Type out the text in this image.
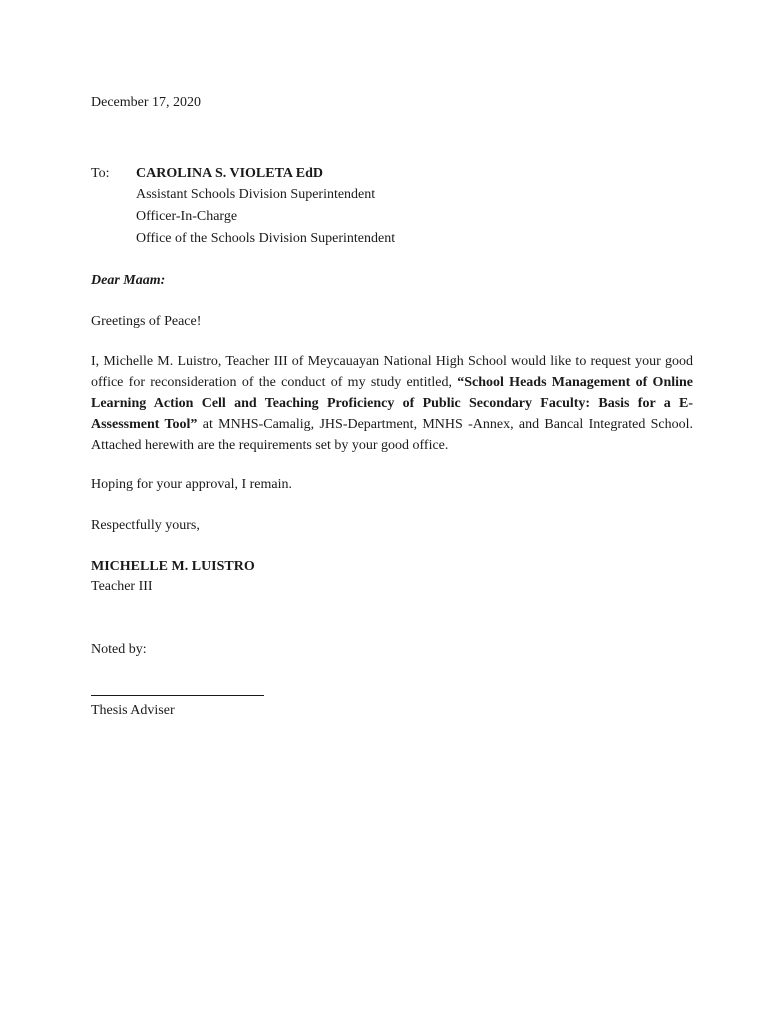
December 17, 2020
To: CAROLINA S. VIOLETA EdD
Assistant Schools Division Superintendent
Officer-In-Charge
Office of the Schools Division Superintendent
Dear Maam:
Greetings of Peace!
I, Michelle M. Luistro, Teacher III of Meycauayan National High School would like to request your good office for reconsideration of the conduct of my study entitled, “School Heads Management of Online Learning Action Cell and Teaching Proficiency of Public Secondary Faculty: Basis for a E-Assessment Tool” at MNHS-Camalig, JHS-Department, MNHS -Annex, and Bancal Integrated School. Attached herewith are the requirements set by your good office.
Hoping for your approval, I remain.
Respectfully yours,
MICHELLE M. LUISTRO
Teacher III
Noted by:
Thesis Adviser
